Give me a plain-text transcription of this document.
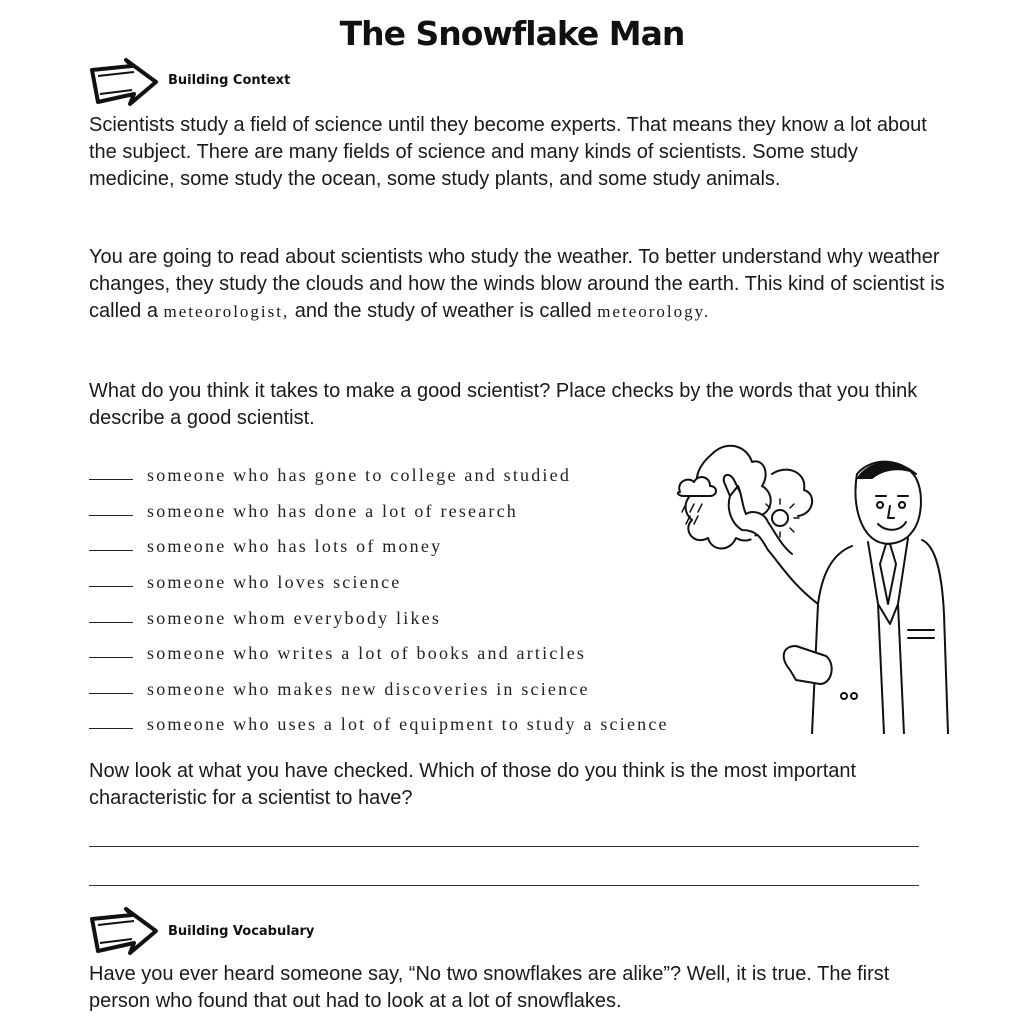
The Snowflake Man
Building Context

Scientists study a field of science until they become experts. That means they know a lot about the subject. There are many fields of science and many kinds of scientists. Some study medicine, some study the ocean, some study plants, and some study animals.

You are going to read about scientists who study the weather. To better understand why weather changes, they study the clouds and how the winds blow around the earth. This kind of scientist is called a meteorologist, and the study of weather is called meteorology.

What do you think it takes to make a good scientist? Place checks by the words that you think describe a good scientist.

someone who has gone to college and studied
someone who has done a lot of research
someone who has lots of money
someone who loves science
someone whom everybody likes
someone who writes a lot of books and articles
someone who makes new discoveries in science
someone who uses a lot of equipment to study a science

Now look at what you have checked. Which of those do you think is the most important characteristic for a scientist to have?

Building Vocabulary

Have you ever heard someone say, “No two snowflakes are alike”? Well, it is true. The first person who found that out had to look at a lot of snowflakes.
